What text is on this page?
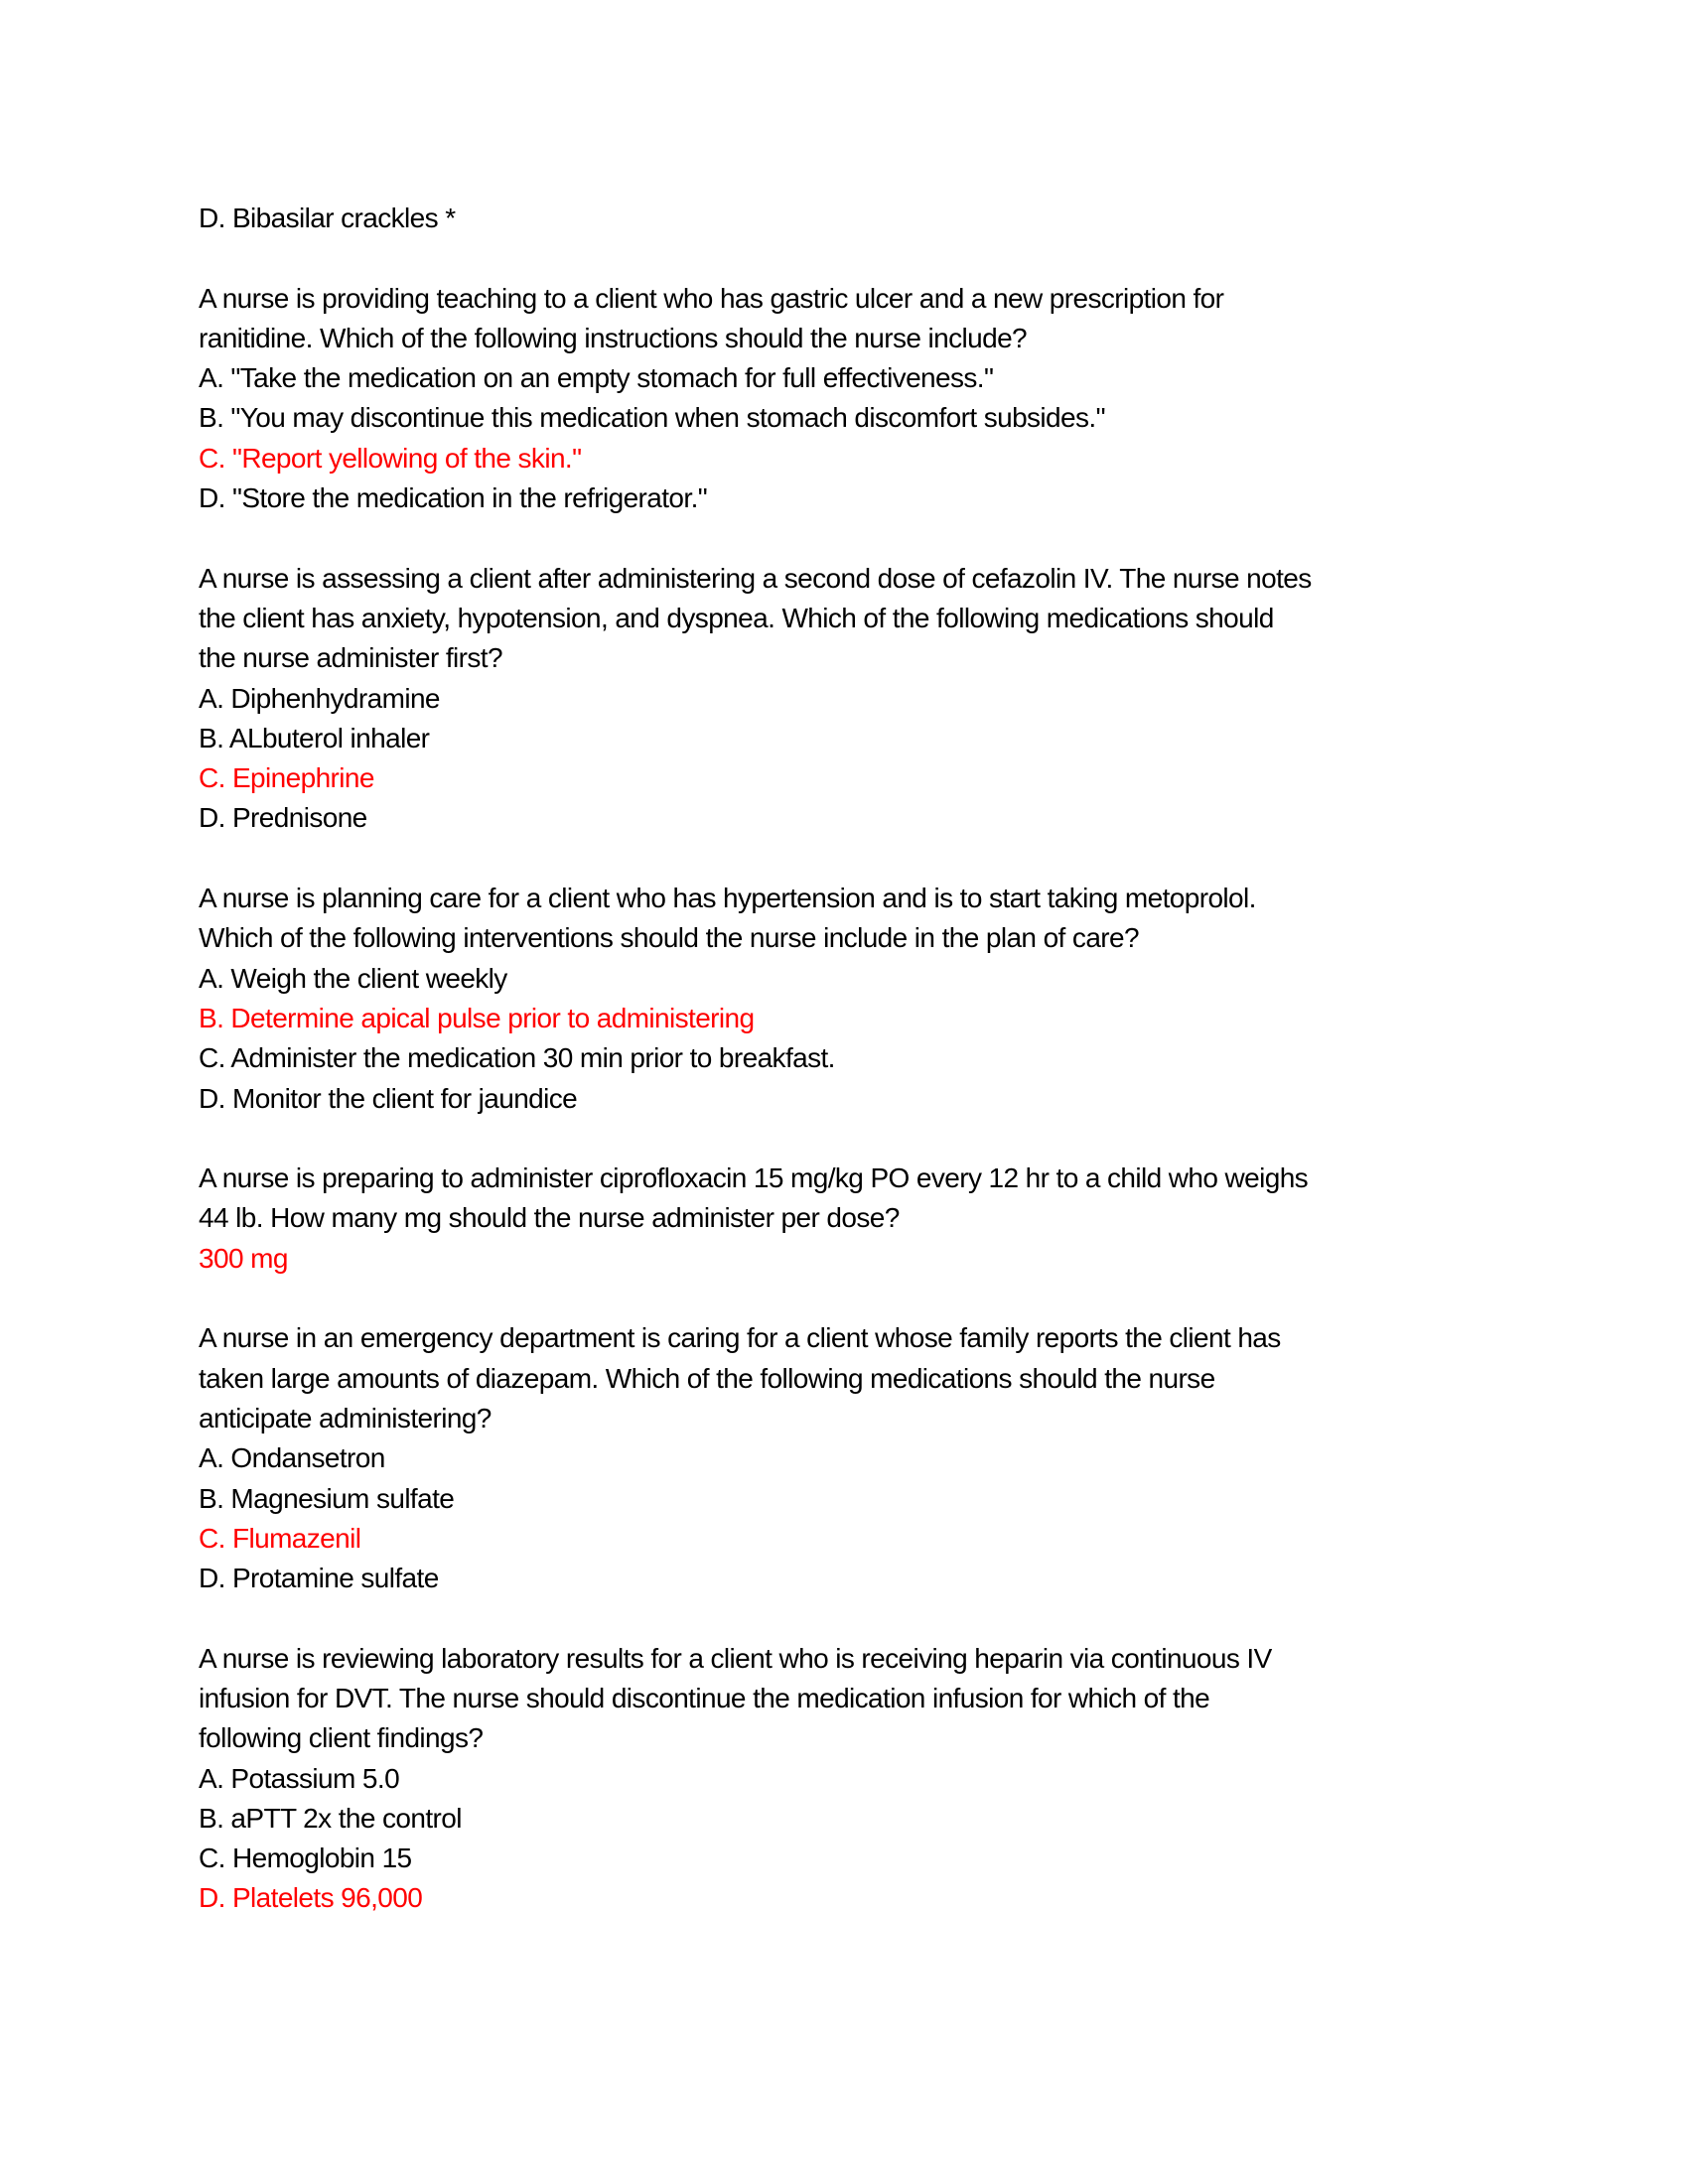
D. Bibasilar crackles *
A nurse is providing teaching to a client who has gastric ulcer and a new prescription for
ranitidine. Which of the following instructions should the nurse include?
A. "Take the medication on an empty stomach for full effectiveness."
B. "You may discontinue this medication when stomach discomfort subsides."
C. "Report yellowing of the skin."
D. "Store the medication in the refrigerator."
A nurse is assessing a client after administering a second dose of cefazolin IV. The nurse notes
the client has anxiety, hypotension, and dyspnea. Which of the following medications should
the nurse administer first?
A. Diphenhydramine
B. ALbuterol inhaler
C. Epinephrine
D. Prednisone
A nurse is planning care for a client who has hypertension and is to start taking metoprolol.
Which of the following interventions should the nurse include in the plan of care?
A. Weigh the client weekly
B. Determine apical pulse prior to administering
C. Administer the medication 30 min prior to breakfast.
D. Monitor the client for jaundice
A nurse is preparing to administer ciprofloxacin 15 mg/kg PO every 12 hr to a child who weighs
44 lb. How many mg should the nurse administer per dose?
300 mg
A nurse in an emergency department is caring for a client whose family reports the client has
taken large amounts of diazepam. Which of the following medications should the nurse
anticipate administering?
A. Ondansetron
B. Magnesium sulfate
C. Flumazenil
D. Protamine sulfate
A nurse is reviewing laboratory results for a client who is receiving heparin via continuous IV
infusion for DVT. The nurse should discontinue the medication infusion for which of the
following client findings?
A. Potassium 5.0
B. aPTT 2x the control
C. Hemoglobin 15
D. Platelets 96,000
